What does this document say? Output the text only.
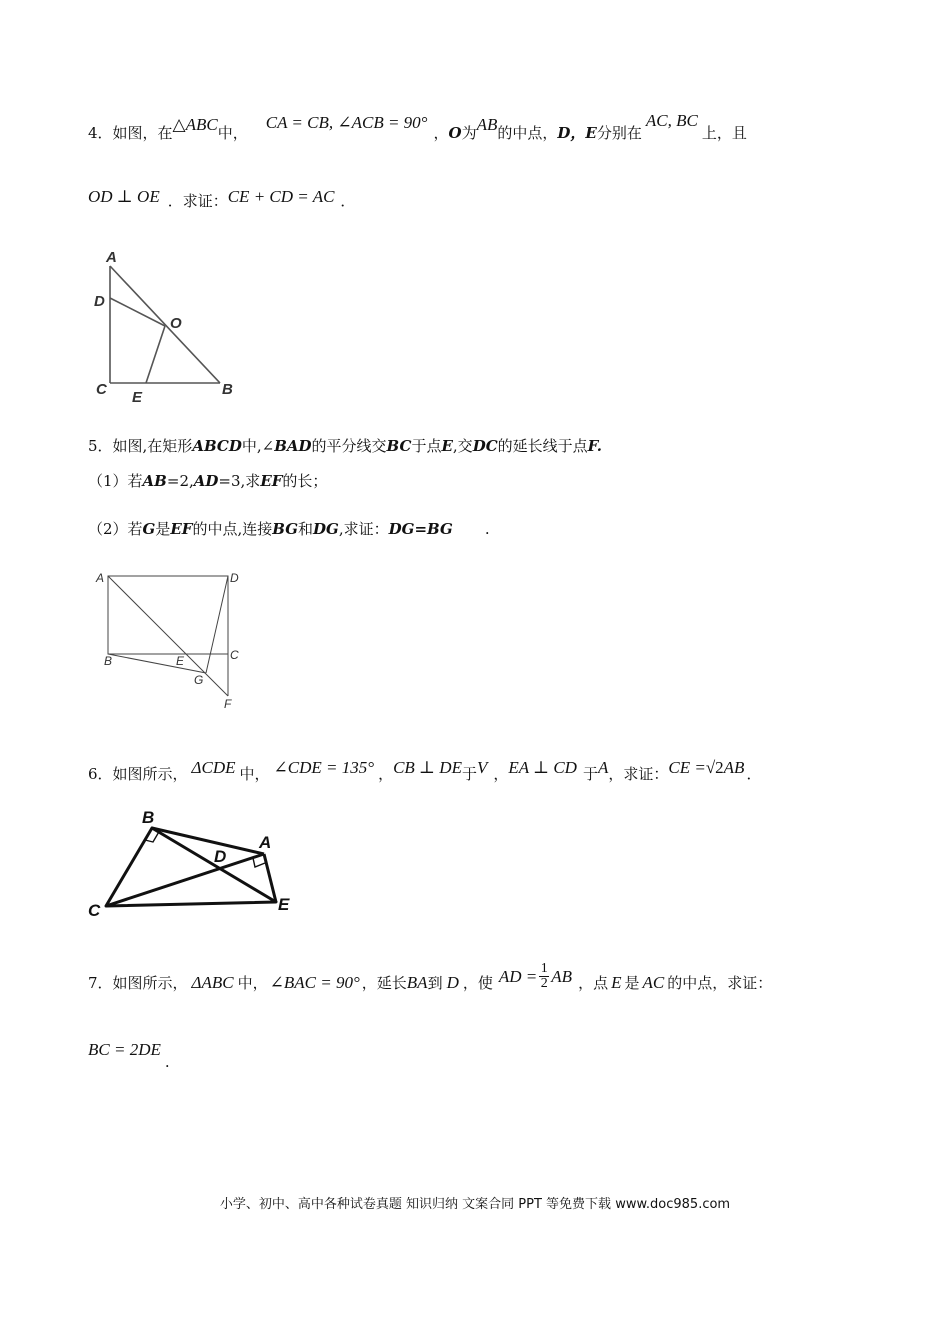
4．如图，在 △ABC 中，
CA = CB, ∠ACB = 90°
， O 为 AB 的中点， D，E 分别在
AC, BC
上，且
OD ⊥ OE ．求证： CE + CD = AC ．
A
D
O
C E	B
5．如图,在矩形 ABCD 中,∠ BAD 的平分线交 BC 于点 E ,交 DC 的延长线于点 F.
（1）若 AB =2, AD =3,求 EF 的长；
（2）若 G 是 EF 的中点,连接 BG 和 DG ,求证： DG=BG .
A	D
B	E	C
G
F
6．如图所示， ΔCDE 中， ∠CDE = 135° ， CB ⊥ DE 于 V ， EA ⊥ CD 于 A ，求证： CE = √2 AB ．
B
A
D
C	E
7．如图所示， ΔABC 中， ∠BAC = 90° ，延长 BA 到 D ，使 AD = $\frac{1}{2}$ AB ，点 E 是 AC 的中点，求证：
BC = 2DE
.
小学、初中、高中各种试卷真题 知识归纳 文案合同 PPT 等免费下载 www.doc985.com
